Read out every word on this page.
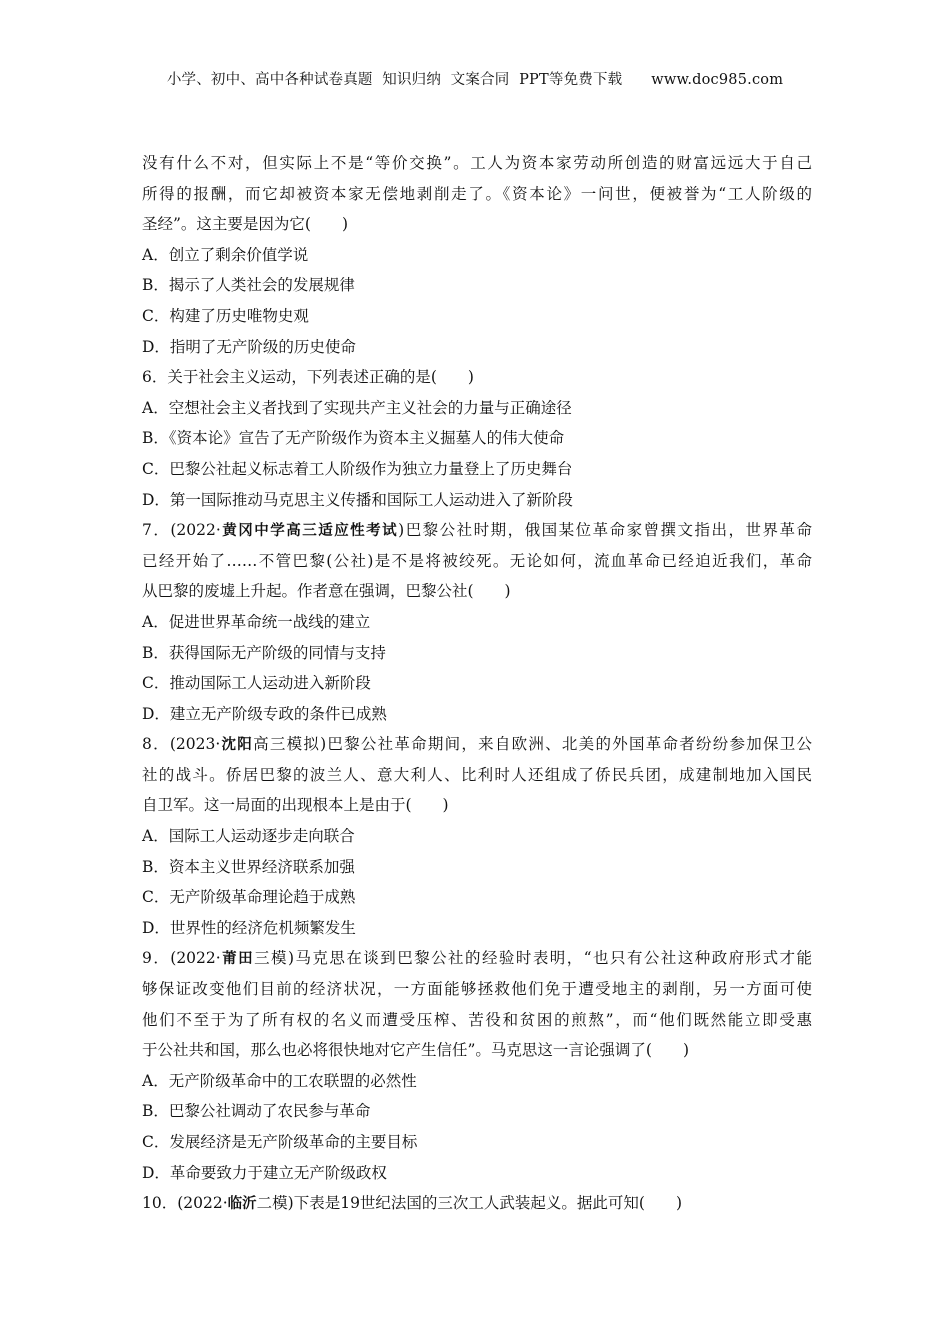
小学、初中、高中各种试卷真题  知识归纳  文案合同  PPT等免费下载      www.doc985.com
没有什么不对，但实际上不是“等价交换”。工人为资本家劳动所创造的财富远远大于自己
所得的报酬，而它却被资本家无偿地剥削走了。《资本论》一问世，便被誉为“工人阶级的
圣经”。这主要是因为它(　　)
A．创立了剩余价值学说
B．揭示了人类社会的发展规律
C．构建了历史唯物史观
D．指明了无产阶级的历史使命
6．关于社会主义运动，下列表述正确的是(　　)
A．空想社会主义者找到了实现共产主义社会的力量与正确途径
B．《资本论》宣告了无产阶级作为资本主义掘墓人的伟大使命
C．巴黎公社起义标志着工人阶级作为独立力量登上了历史舞台
D．第一国际推动马克思主义传播和国际工人运动进入了新阶段
7．(2022·黄冈中学高三适应性考试)巴黎公社时期，俄国某位革命家曾撰文指出，世界革命
已经开始了……不管巴黎(公社)是不是将被绞死。无论如何，流血革命已经迫近我们，革命
从巴黎的废墟上升起。作者意在强调，巴黎公社(　　)
A．促进世界革命统一战线的建立
B．获得国际无产阶级的同情与支持
C．推动国际工人运动进入新阶段
D．建立无产阶级专政的条件已成熟
8．(2023·沈阳高三模拟)巴黎公社革命期间，来自欧洲、北美的外国革命者纷纷参加保卫公
社的战斗。侨居巴黎的波兰人、意大利人、比利时人还组成了侨民兵团，成建制地加入国民
自卫军。这一局面的出现根本上是由于(　　)
A．国际工人运动逐步走向联合
B．资本主义世界经济联系加强
C．无产阶级革命理论趋于成熟
D．世界性的经济危机频繁发生
9．(2022·莆田三模)马克思在谈到巴黎公社的经验时表明，“也只有公社这种政府形式才能
够保证改变他们目前的经济状况，一方面能够拯救他们免于遭受地主的剥削，另一方面可使
他们不至于为了所有权的名义而遭受压榨、苦役和贫困的煎熬”，而“他们既然能立即受惠
于公社共和国，那么也必将很快地对它产生信任”。马克思这一言论强调了(　　)
A．无产阶级革命中的工农联盟的必然性
B．巴黎公社调动了农民参与革命
C．发展经济是无产阶级革命的主要目标
D．革命要致力于建立无产阶级政权
10．(2022·临沂二模)下表是19世纪法国的三次工人武装起义。据此可知(　　)
